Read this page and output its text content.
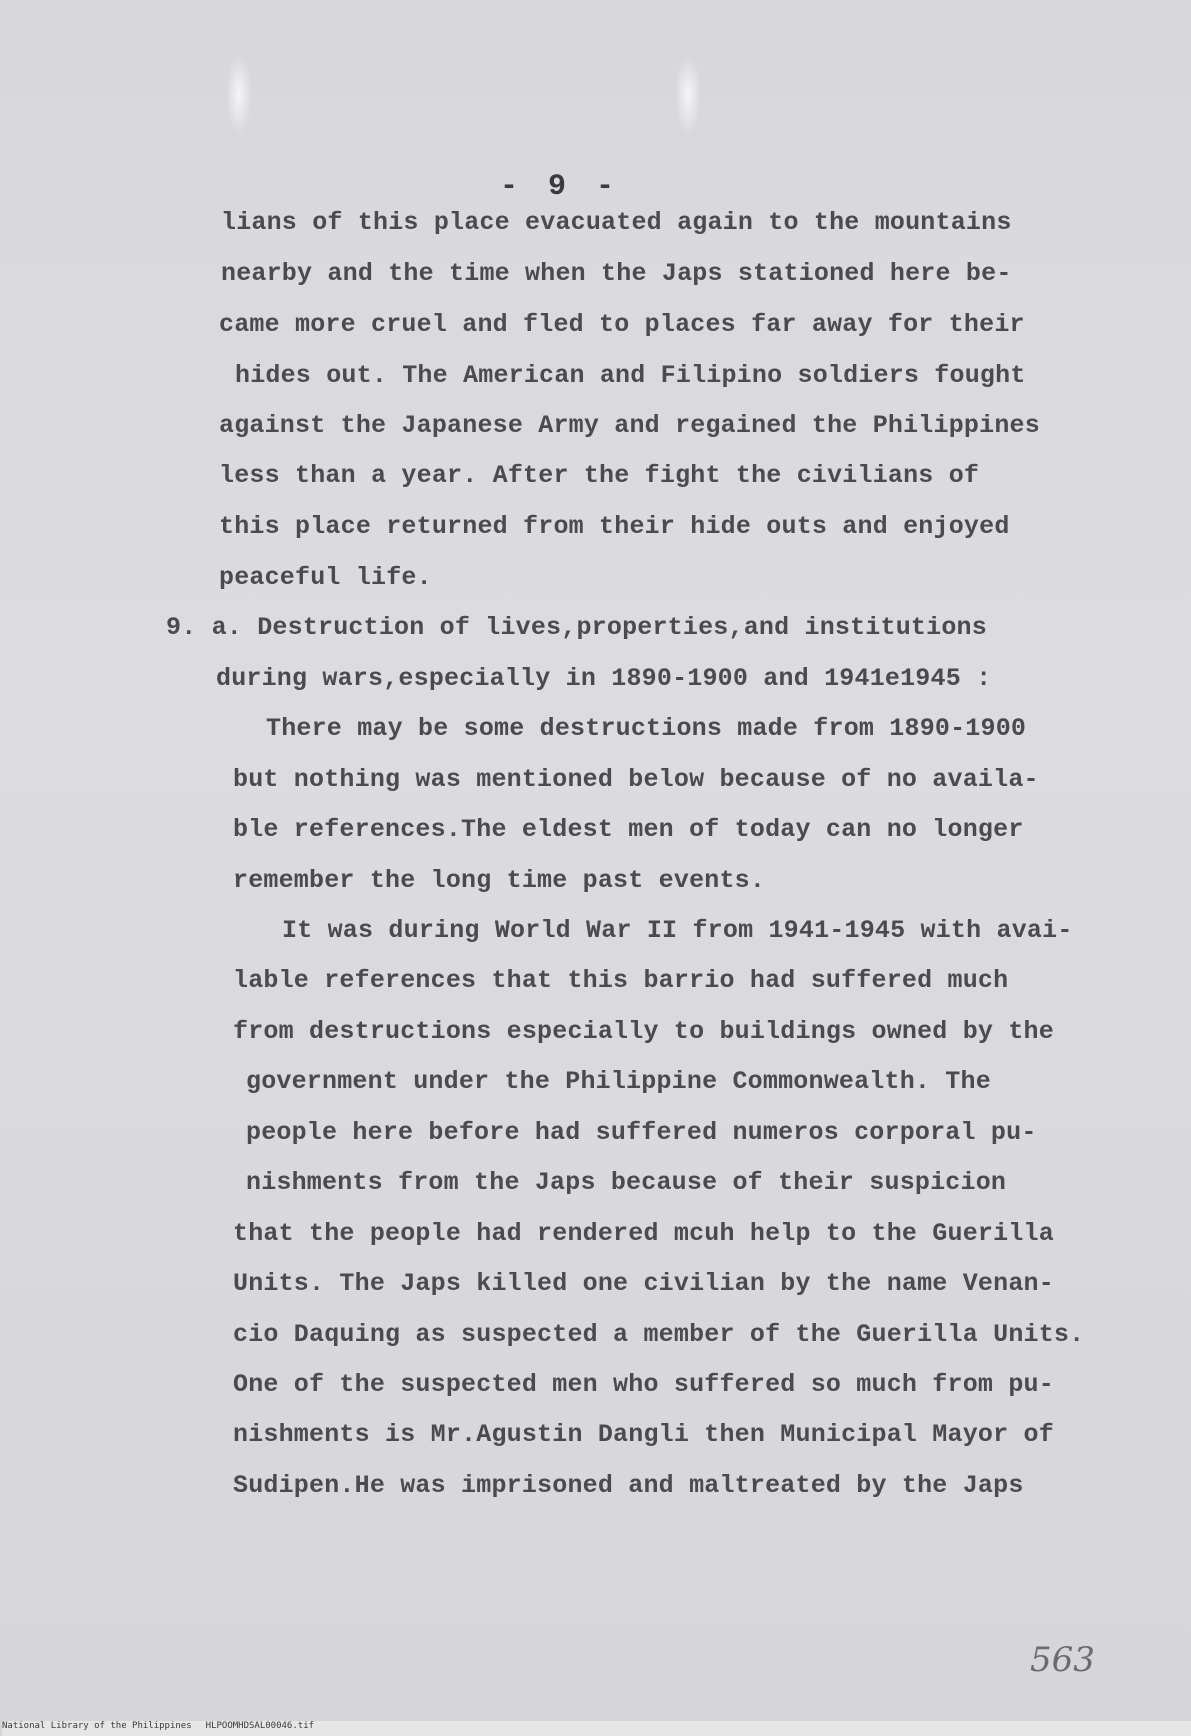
- 9 -
lians of this place evacuated again to the mountains
nearby and the time when the Japs stationed here be-
came more cruel and fled to places far away for their
hides out. The American and Filipino soldiers fought
against the Japanese Army and regained the Philippines
less than a year. After the fight the civilians of
this place returned from their hide outs and enjoyed
peaceful life.
9. a. Destruction of lives,properties,and institutions
during wars,especially in 1890-1900 and 1941e1945 :
There may be some destructions made from 1890-1900
but nothing was mentioned below because of no availa-
ble references.The eldest men of today can no longer
remember the long time past events.
It was during World War II from 1941-1945 with avai-
lable references that this barrio had suffered much
from destructions especially to buildings owned by the
government under the Philippine Commonwealth. The
people here before had suffered numeros corporal pu-
nishments from the Japs because of their suspicion
that the people had rendered mcuh help to the Guerilla
Units. The Japs killed one civilian by the name Venan-
cio Daquing as suspected a member of the Guerilla Units.
One of the suspected men who suffered so much from pu-
nishments is Mr.Agustin Dangli then Municipal Mayor of
Sudipen.He was imprisoned and maltreated by the Japs
563
National Library of the Philippines HLPOOMHDSAL00046.tif
